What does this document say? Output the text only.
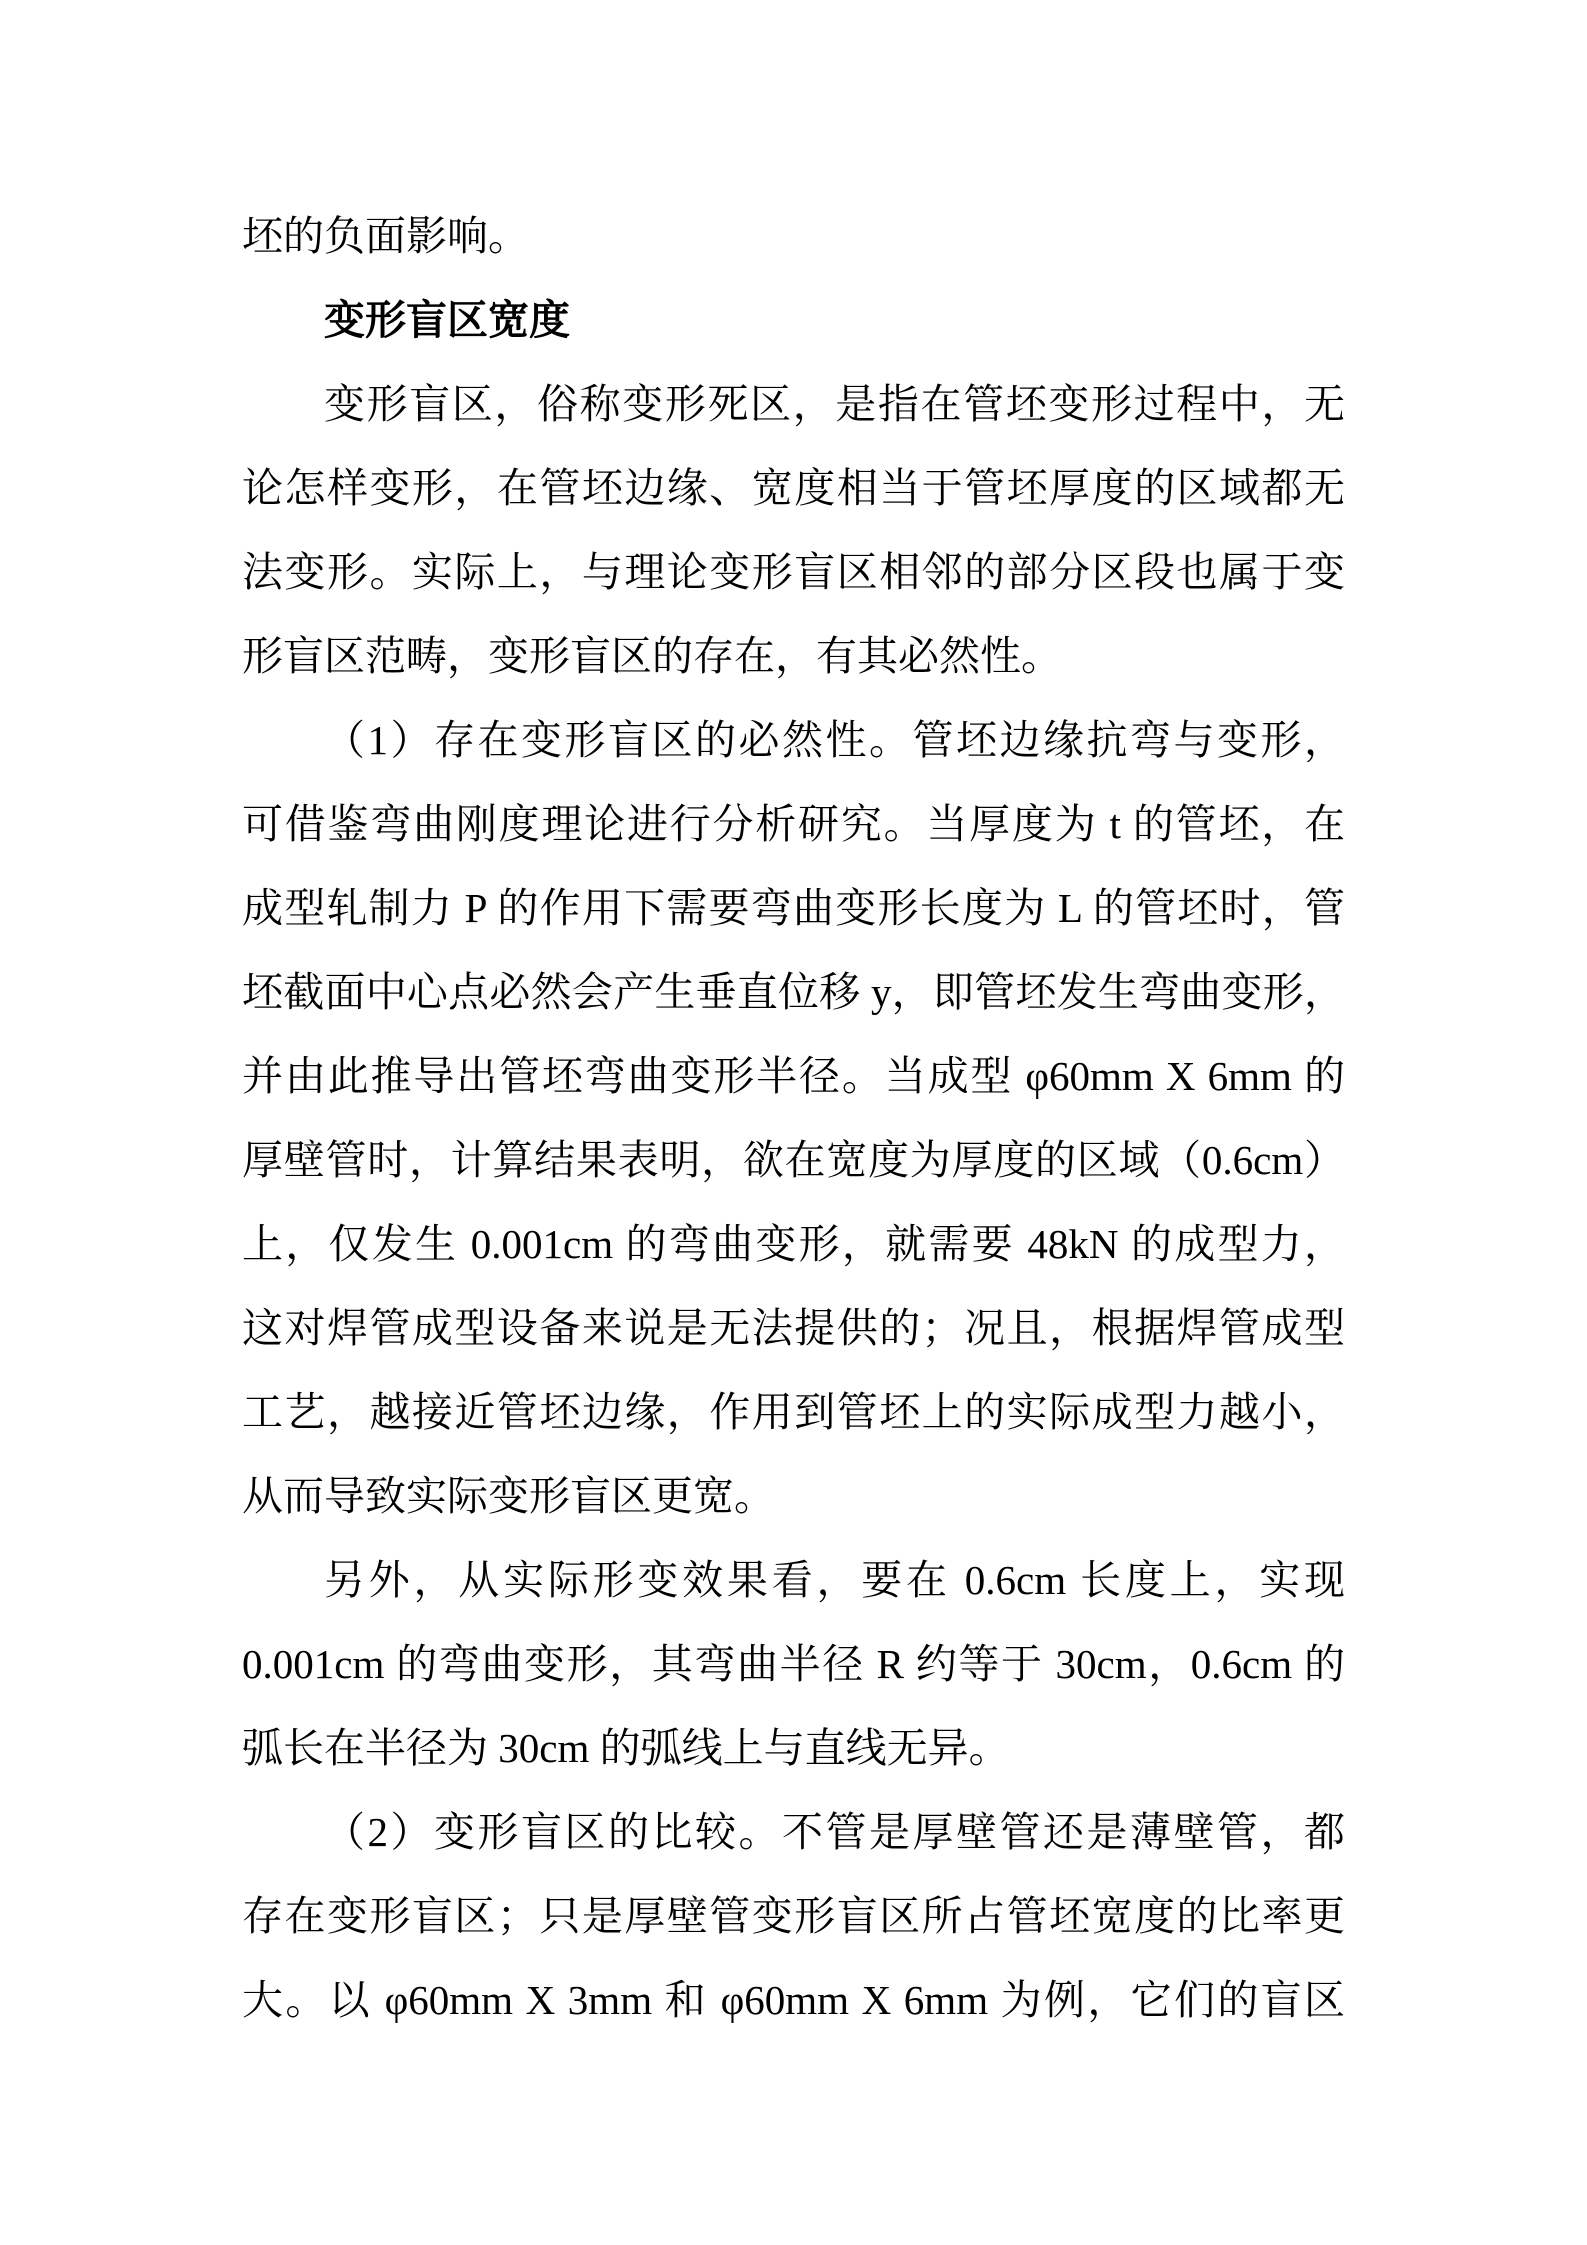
坯的负面影响。
变形盲区宽度
变形盲区，俗称变形死区，是指在管坯变形过程中，无
论怎样变形，在管坯边缘、宽度相当于管坯厚度的区域都无
法变形。实际上，与理论变形盲区相邻的部分区段也属于变
形盲区范畴，变形盲区的存在，有其必然性。
（1）存在变形盲区的必然性。管坯边缘抗弯与变形，
可借鉴弯曲刚度理论进行分析研究。当厚度为 t 的管坯，在
成型轧制力 P 的作用下需要弯曲变形长度为 L 的管坯时，管
坯截面中心点必然会产生垂直位移 y，即管坯发生弯曲变形，
并由此推导出管坯弯曲变形半径。当成型 φ60mm X 6mm 的
厚壁管时，计算结果表明，欲在宽度为厚度的区域（0.6cm）
上，仅发生 0.001cm 的弯曲变形，就需要 48kN 的成型力，
这对焊管成型设备来说是无法提供的；况且，根据焊管成型
工艺，越接近管坯边缘，作用到管坯上的实际成型力越小，
从而导致实际变形盲区更宽。
另外，从实际形变效果看，要在 0.6cm 长度上，实现
0.001cm 的弯曲变形，其弯曲半径 R 约等于 30cm，0.6cm 的
弧长在半径为 30cm 的弧线上与直线无异。
（2）变形盲区的比较。不管是厚壁管还是薄壁管，都
存在变形盲区；只是厚壁管变形盲区所占管坯宽度的比率更
大。以 φ60mm X 3mm 和 φ60mm X 6mm 为例，它们的盲区
